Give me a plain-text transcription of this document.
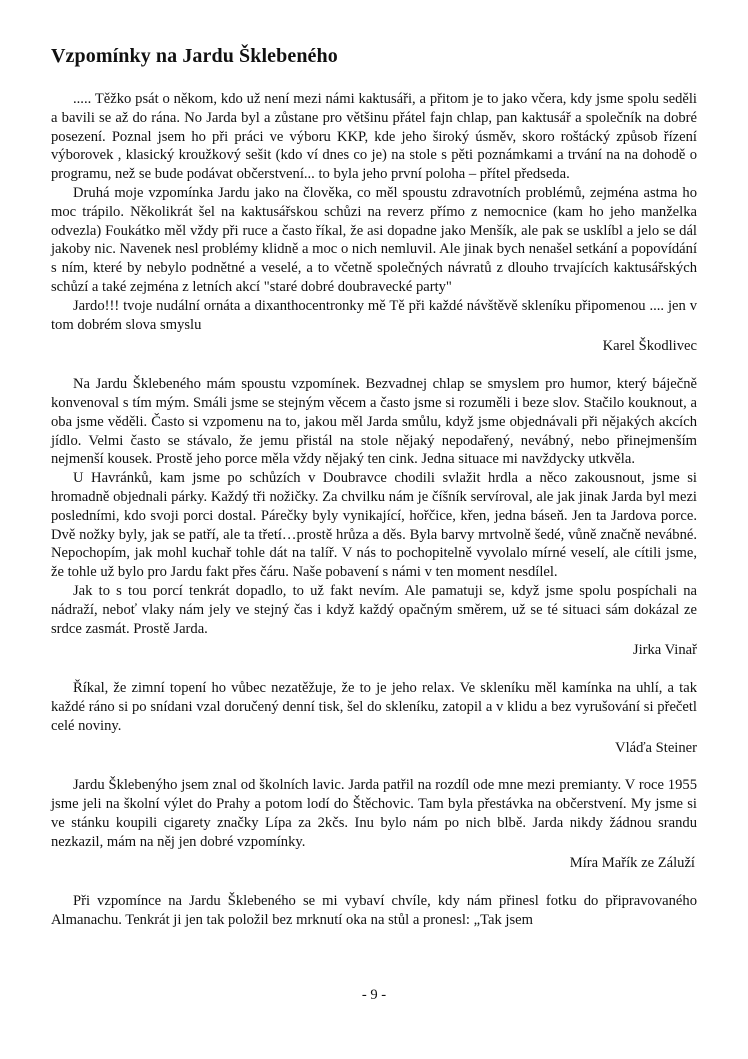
Vzpomínky na Jardu Šklebeného

..... Těžko psát o někom, kdo už není mezi námi kaktusáři, a přitom je to jako včera, kdy jsme spolu seděli a bavili se až do rána. No Jarda byl a zůstane pro většinu přátel fajn chlap, pan kaktusář a společník na dobré posezení. Poznal jsem ho při práci ve výboru KKP, kde jeho široký úsměv, skoro roštácký způsob řízení výborovek , klasický kroužkový sešit (kdo ví dnes co je) na stole s pěti poznámkami a trvání na na dohodě o programu, než se bude podávat občerstvení... to byla jeho první poloha – přítel předseda.

Druhá moje vzpomínka Jardu jako na člověka, co měl spoustu zdravotních problémů, zejména astma ho moc trápilo. Několikrát šel na kaktusářskou schůzi na reverz přímo z nemocnice (kam ho jeho manželka odvezla) Foukátko měl vždy při ruce a často říkal, že asi dopadne jako Menšík, ale pak se usklíbl a jelo se dál jakoby nic. Navenek nesl problémy klidně a moc o nich nemluvil. Ale jinak bych nenašel setkání a popovídání s ním, které by nebylo podnětné a veselé, a to včetně společných návratů z dlouho trvajících kaktusářských schůzí a také zejména z letních akcí "staré dobré doubravecké party"

Jardo!!! tvoje nudální ornáta a dixanthocentronky mě Tě při každé návštěvě skleníku připomenou .... jen v tom dobrém slova smyslu

Karel Škodlivec

Na Jardu Šklebeného mám spoustu vzpomínek. Bezvadnej chlap se smyslem pro humor, který báječně konvenoval s tím mým. Smáli jsme se stejným věcem a často jsme si rozuměli i beze slov. Stačilo kouknout, a oba jsme věděli. Často si vzpomenu na to, jakou měl Jarda smůlu, když jsme objednávali při nějakých akcích jídlo. Velmi často se stávalo, že jemu přistál na stole nějaký nepodařený, nevábný, nebo přinejmenším nejmenší kousek. Prostě jeho porce měla vždy nějaký ten cink. Jedna situace mi navždycky utkvěla.

U Havránků, kam jsme po schůzích v Doubravce chodili svlažit hrdla a něco zakousnout, jsme si hromadně objednali párky. Každý tři nožičky. Za chvilku nám je číšník servíroval, ale jak jinak Jarda byl mezi posledními, kdo svoji porci dostal. Párečky byly vynikající, hořčice, křen, jedna báseň. Jen ta Jardova porce. Dvě nožky byly, jak se patří, ale ta třetí…prostě hrůza a děs. Byla barvy mrtvolně šedé, vůně značně nevábné. Nepochopím, jak mohl kuchař tohle dát na talíř. V nás to pochopitelně vyvolalo mírné veselí, ale cítili jsme, že tohle už bylo pro Jardu fakt přes čáru. Naše pobavení s námi v ten moment nesdílel.

Jak to s tou porcí tenkrát dopadlo, to už fakt nevím. Ale pamatuji se, když jsme spolu pospíchali na nádraží, neboť vlaky nám jely ve stejný čas i když každý opačným směrem, už se té situaci sám dokázal ze srdce zasmát. Prostě Jarda.

Jirka Vinař

Říkal, že zimní topení ho vůbec nezatěžuje, že to je jeho relax. Ve skleníku měl kamínka na uhlí, a tak každé ráno si po snídani vzal doručený denní tisk, šel do skleníku, zatopil a v klidu a bez vyrušování si přečetl celé noviny.

Vláďa Steiner

Jardu Šklebenýho jsem znal od školních lavic. Jarda patřil na rozdíl ode mne mezi premianty. V roce 1955 jsme jeli na školní výlet do Prahy a potom lodí do Štěchovic. Tam byla přestávka na občerstvení. My jsme si ve stánku koupili cigarety značky Lípa za 2kčs. Inu bylo nám po nich blbě. Jarda nikdy žádnou srandu nezkazil, mám na něj jen dobré vzpomínky.

Míra Mařík ze Záluží

Při vzpomínce na Jardu Šklebeného se mi vybaví chvíle, kdy nám přinesl fotku do připravovaného Almanachu. Tenkrát ji jen tak položil bez mrknutí oka na stůl a pronesl: „Tak jsem

- 9 -
